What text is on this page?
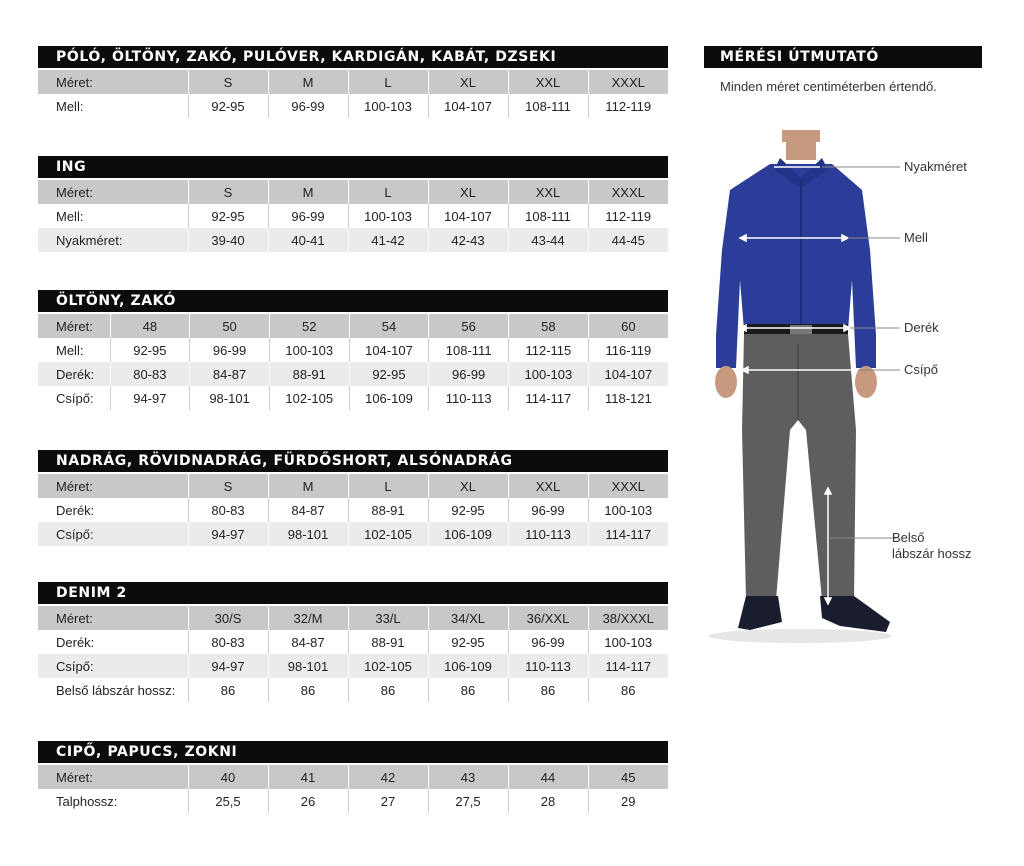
PÓLÓ, ÖLTÖNY, ZAKÓ, PULÓVER, KARDIGÁN, KABÁT, DZSEKI
Méret:	S	M	L	XL	XXL	XXXL
Mell:	92-95	96-99	100-103	104-107	108-111	112-119
ING
Méret:	S	M	L	XL	XXL	XXXL
Mell:	92-95	96-99	100-103	104-107	108-111	112-119
Nyakméret:	39-40	40-41	41-42	42-43	43-44	44-45
ÖLTÖNY, ZAKÓ
Méret:	48	50	52	54	56	58	60
Mell:	92-95	96-99	100-103	104-107	108-111	112-115	116-119
Derék:	80-83	84-87	88-91	92-95	96-99	100-103	104-107
Csípő:	94-97	98-101	102-105	106-109	110-113	114-117	118-121
NADRÁG, RÖVIDNADRÁG, FÜRDŐSHORT, ALSÓNADRÁG
Méret:	S	M	L	XL	XXL	XXXL
Derék:	80-83	84-87	88-91	92-95	96-99	100-103
Csípő:	94-97	98-101	102-105	106-109	110-113	114-117
DENIM 2
Méret:	30/S	32/M	33/L	34/XL	36/XXL	38/XXXL
Derék:	80-83	84-87	88-91	92-95	96-99	100-103
Csípő:	94-97	98-101	102-105	106-109	110-113	114-117
Belső lábszár hossz:	86	86	86	86	86	86
CIPŐ, PAPUCS, ZOKNI
Méret:	40	41	42	43	44	45
Talphossz:	25,5	26	27	27,5	28	29
MÉRÉSI ÚTMUTATÓ
Minden méret centiméterben értendő.
Nyakméret
Mell
Derék
Csípő
Belső
lábszár hossz
